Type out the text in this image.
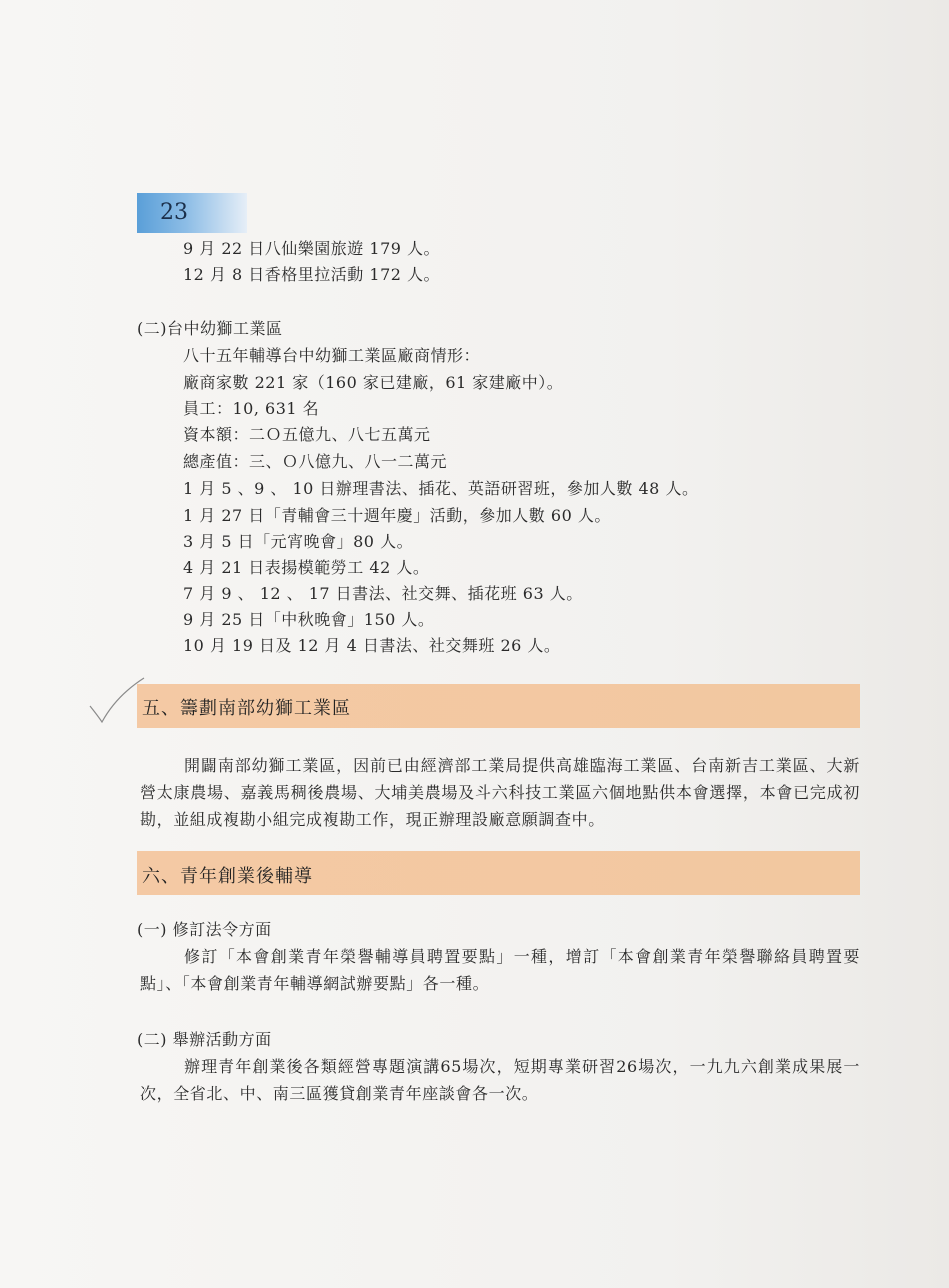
23
9 月 22 日八仙樂園旅遊 179 人。
12 月 8 日香格里拉活動 172 人。
(二)台中幼獅工業區
八十五年輔導台中幼獅工業區廠商情形：
廠商家數 221 家（160 家已建廠，61 家建廠中）。
員工：10, 631 名
資本額：二Ｏ五億九、八七五萬元
總產值：三、Ｏ八億九、八一二萬元
1 月 5 、9 、 10 日辦理書法、插花、英語研習班，參加人數 48 人。
1 月 27 日「青輔會三十週年慶」活動，參加人數 60 人。
3 月 5 日「元宵晚會」80 人。
4 月 21 日表揚模範勞工 42 人。
7 月 9 、 12 、 17 日書法、社交舞、插花班 63 人。
9 月 25 日「中秋晚會」150 人。
10 月 19 日及 12 月 4 日書法、社交舞班 26 人。
五、籌劃南部幼獅工業區
開闢南部幼獅工業區，因前已由經濟部工業局提供高雄臨海工業區、台南新吉工業區、大新營太康農場、嘉義馬稠後農場、大埔美農場及斗六科技工業區六個地點供本會選擇，本會已完成初勘，並組成複勘小組完成複勘工作，現正辦理設廠意願調查中。
六、青年創業後輔導
(一) 修訂法令方面
修訂「本會創業青年榮譽輔導員聘置要點」一種，增訂「本會創業青年榮譽聯絡員聘置要點」、「本會創業青年輔導網試辦要點」各一種。
(二) 舉辦活動方面
辦理青年創業後各類經營專題演講65場次，短期專業研習26場次，一九九六創業成果展一次，全省北、中、南三區獲貸創業青年座談會各一次。
